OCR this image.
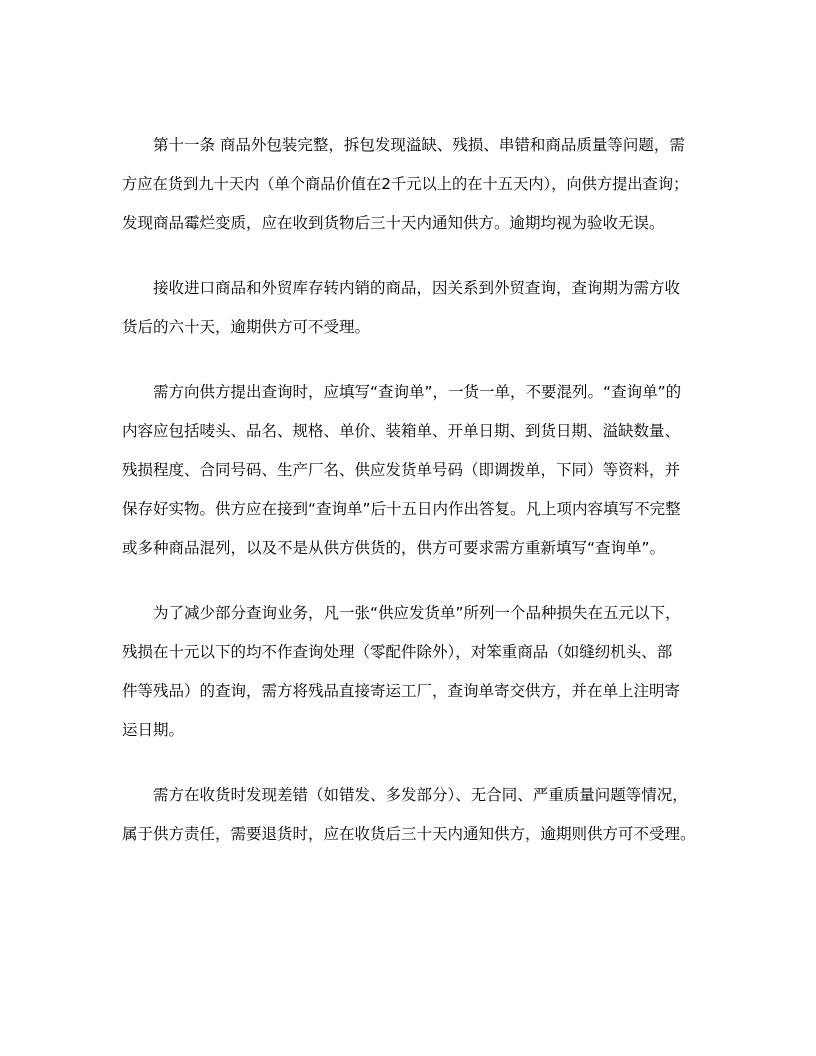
第十一条 商品外包装完整，拆包发现溢缺、残损、串错和商品质量等问题，需
方应在货到九十天内（单个商品价值在2千元以上的在十五天内），向供方提出查询；
发现商品霉烂变质，应在收到货物后三十天内通知供方。逾期均视为验收无误。
接收进口商品和外贸库存转内销的商品，因关系到外贸查询，查询期为需方收
货后的六十天，逾期供方可不受理。
需方向供方提出查询时，应填写“查询单”，一货一单，不要混列。“查询单”的
内容应包括唛头、品名、规格、单价、装箱单、开单日期、到货日期、溢缺数量、
残损程度、合同号码、生产厂名、供应发货单号码（即调拨单，下同）等资料，并
保存好实物。供方应在接到“查询单”后十五日内作出答复。凡上项内容填写不完整
或多种商品混列，以及不是从供方供货的，供方可要求需方重新填写“查询单”。
为了减少部分查询业务，凡一张“供应发货单”所列一个品种损失在五元以下，
残损在十元以下的均不作查询处理（零配件除外），对笨重商品（如缝纫机头、部
件等残品）的查询，需方将残品直接寄运工厂，查询单寄交供方，并在单上注明寄
运日期。
需方在收货时发现差错（如错发、多发部分）、无合同、严重质量问题等情况，
属于供方责任，需要退货时，应在收货后三十天内通知供方，逾期则供方可不受理。
